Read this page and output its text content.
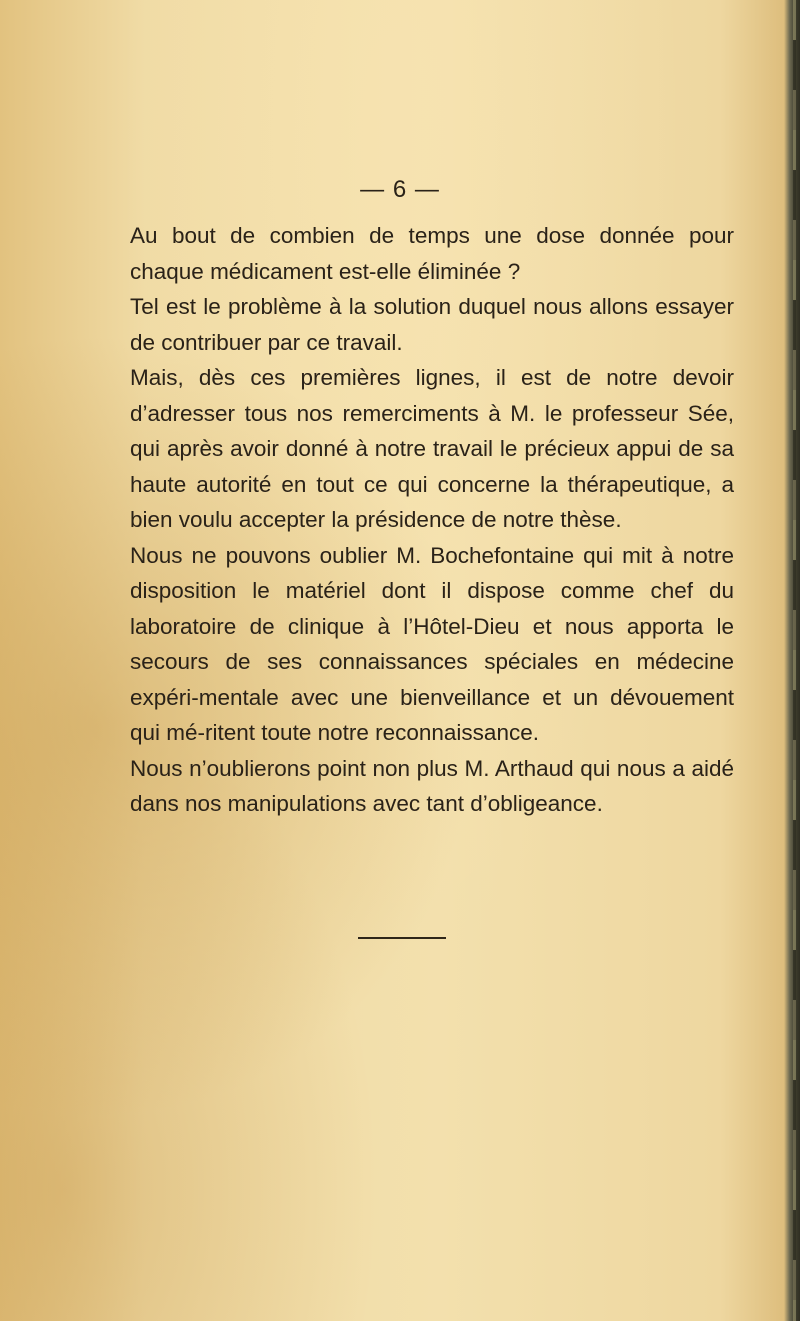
— 6 —

Au bout de combien de temps une dose donnée pour chaque médicament est-elle éliminée ?

Tel est le problème à la solution duquel nous allons essayer de contribuer par ce travail.

Mais, dès ces premières lignes, il est de notre devoir d’adresser tous nos remerciments à M. le professeur Sée, qui après avoir donné à notre travail le précieux appui de sa haute autorité en tout ce qui concerne la thérapeutique, a bien voulu accepter la présidence de notre thèse.

Nous ne pouvons oublier M. Bochefontaine qui mit à notre disposition le matériel dont il dispose comme chef du laboratoire de clinique à l’Hôtel-Dieu et nous apporta le secours de ses connaissances spéciales en médecine expéri-mentale avec une bienveillance et un dévouement qui mé-ritent toute notre reconnaissance.

Nous n’oublierons point non plus M. Arthaud qui nous a aidé dans nos manipulations avec tant d’obligeance.
